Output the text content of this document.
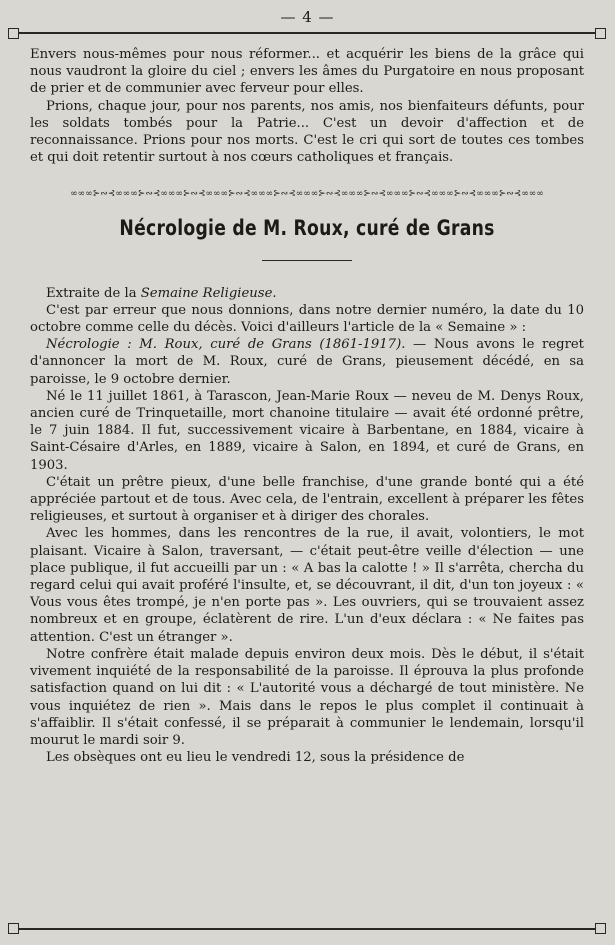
— 4 —

Envers nous-mêmes pour nous réformer... et acquérir les biens de la grâce qui nous vaudront la gloire du ciel ; envers les âmes du Purgatoire en nous proposant de prier et de communier avec ferveur pour elles.

Prions, chaque jour, pour nos parents, nos amis, nos bienfaiteurs défunts, pour les soldats tombés pour la Patrie... C'est un devoir d'affection et de reconnaissance. Prions pour nos morts. C'est le cri qui sort de toutes ces tombes et qui doit retentir surtout à nos cœurs catholiques et français.

∞∞∞⊱∾⊰∞∞∞⊱∾⊰∞∞∞⊱∾⊰∞∞∞⊱∾⊰∞∞∞⊱∾⊰∞∞∞⊱∾⊰∞∞∞⊱∾⊰∞∞∞⊱∾⊰∞∞∞⊱∾⊰∞∞∞⊱∾⊰∞∞∞
Nécrologie de M. Roux, curé de Grans

Extraite de la Semaine Religieuse.

C'est par erreur que nous donnions, dans notre dernier numéro, la date du 10 octobre comme celle du décès. Voici d'ailleurs l'article de la « Semaine » :

Nécrologie : M. Roux, curé de Grans (1861-1917). — Nous avons le regret d'annoncer la mort de M. Roux, curé de Grans, pieusement décédé, en sa paroisse, le 9 octobre dernier.

Né le 11 juillet 1861, à Tarascon, Jean-Marie Roux — neveu de M. Denys Roux, ancien curé de Trinquetaille, mort chanoine titulaire — avait été ordonné prêtre, le 7 juin 1884. Il fut, successivement vicaire à Barbentane, en 1884, vicaire à Saint-Césaire d'Arles, en 1889, vicaire à Salon, en 1894, et curé de Grans, en 1903.

C'était un prêtre pieux, d'une belle franchise, d'une grande bonté qui a été appréciée partout et de tous. Avec cela, de l'entrain, excellent à préparer les fêtes religieuses, et surtout à organiser et à diriger des chorales.

Avec les hommes, dans les rencontres de la rue, il avait, volontiers, le mot plaisant. Vicaire à Salon, traversant, — c'était peut-être veille d'élection — une place publique, il fut accueilli par un : « A bas la calotte ! » Il s'arrêta, chercha du regard celui qui avait proféré l'insulte, et, se découvrant, il dit, d'un ton joyeux : « Vous vous êtes trompé, je n'en porte pas ». Les ouvriers, qui se trouvaient assez nombreux et en groupe, éclatèrent de rire. L'un d'eux déclara : « Ne faites pas attention. C'est un étranger ».

Notre confrère était malade depuis environ deux mois. Dès le début, il s'était vivement inquiété de la responsabilité de la paroisse. Il éprouva la plus profonde satisfaction quand on lui dit : « L'autorité vous a déchargé de tout ministère. Ne vous inquiétez de rien ». Mais dans le repos le plus complet il continuait à s'affaiblir. Il s'était confessé, il se préparait à communier le lendemain, lorsqu'il mourut le mardi soir 9.

Les obsèques ont eu lieu le vendredi 12, sous la présidence de
